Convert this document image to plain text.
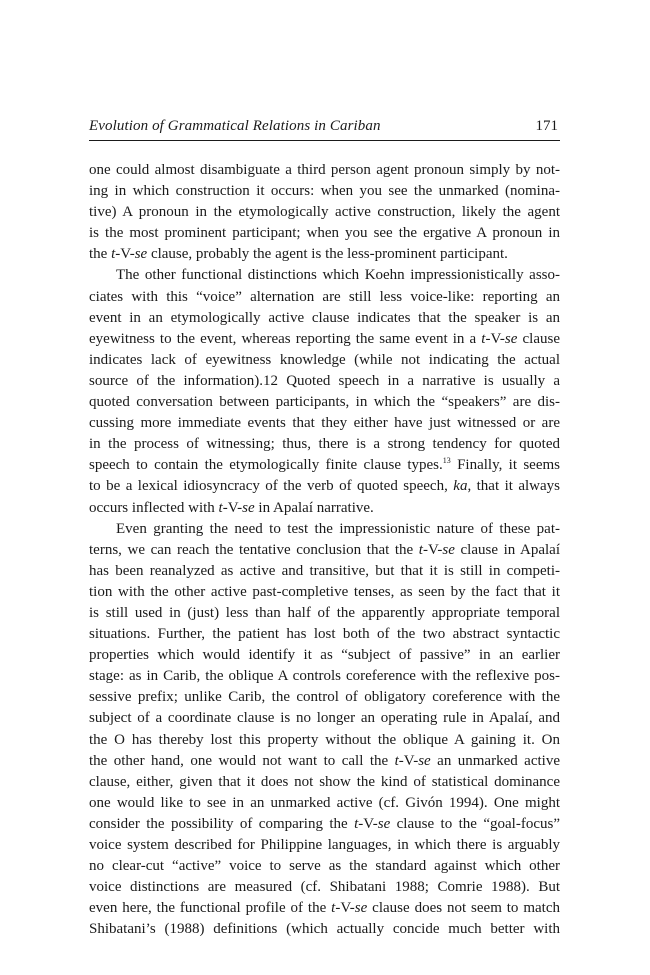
Evolution of Grammatical Relations in Cariban	171

one could almost disambiguate a third person agent pronoun simply by not-
ing in which construction it occurs: when you see the unmarked (nomina-
tive) A pronoun in the etymologically active construction, likely the agent
is the most prominent participant; when you see the ergative A pronoun in
the t-V-se clause, probably the agent is the less-prominent participant.

The other functional distinctions which Koehn impressionistically asso-
ciates with this “voice” alternation are still less voice-like: reporting an
event in an etymologically active clause indicates that the speaker is an
eyewitness to the event, whereas reporting the same event in a t-V-se clause
indicates lack of eyewitness knowledge (while not indicating the actual
source of the information).12 Quoted speech in a narrative is usually a
quoted conversation between participants, in which the “speakers” are dis-
cussing more immediate events that they either have just witnessed or are
in the process of witnessing; thus, there is a strong tendency for quoted
speech to contain the etymologically finite clause types.$^{13}$ Finally, it seems
to be a lexical idiosyncracy of the verb of quoted speech, ka, that it always
occurs inflected with t-V-se in Apalaí narrative.

Even granting the need to test the impressionistic nature of these pat-
terns, we can reach the tentative conclusion that the t-V-se clause in Apalaí
has been reanalyzed as active and transitive, but that it is still in competi-
tion with the other active past-completive tenses, as seen by the fact that it
is still used in (just) less than half of the apparently appropriate temporal
situations. Further, the patient has lost both of the two abstract syntactic
properties which would identify it as “subject of passive” in an earlier
stage: as in Carib, the oblique A controls coreference with the reflexive pos-
sessive prefix; unlike Carib, the control of obligatory coreference with the
subject of a coordinate clause is no longer an operating rule in Apalaí, and
the O has thereby lost this property without the oblique A gaining it. On
the other hand, one would not want to call the t-V-se an unmarked active
clause, either, given that it does not show the kind of statistical dominance
one would like to see in an unmarked active (cf. Givón 1994). One might
consider the possibility of comparing the t-V-se clause to the “goal-focus”
voice system described for Philippine languages, in which there is arguably
no clear-cut “active” voice to serve as the standard against which other
voice distinctions are measured (cf. Shibatani 1988; Comrie 1988). But
even here, the functional profile of the t-V-se clause does not seem to match
Shibatani’s (1988) definitions (which actually concide much better with
